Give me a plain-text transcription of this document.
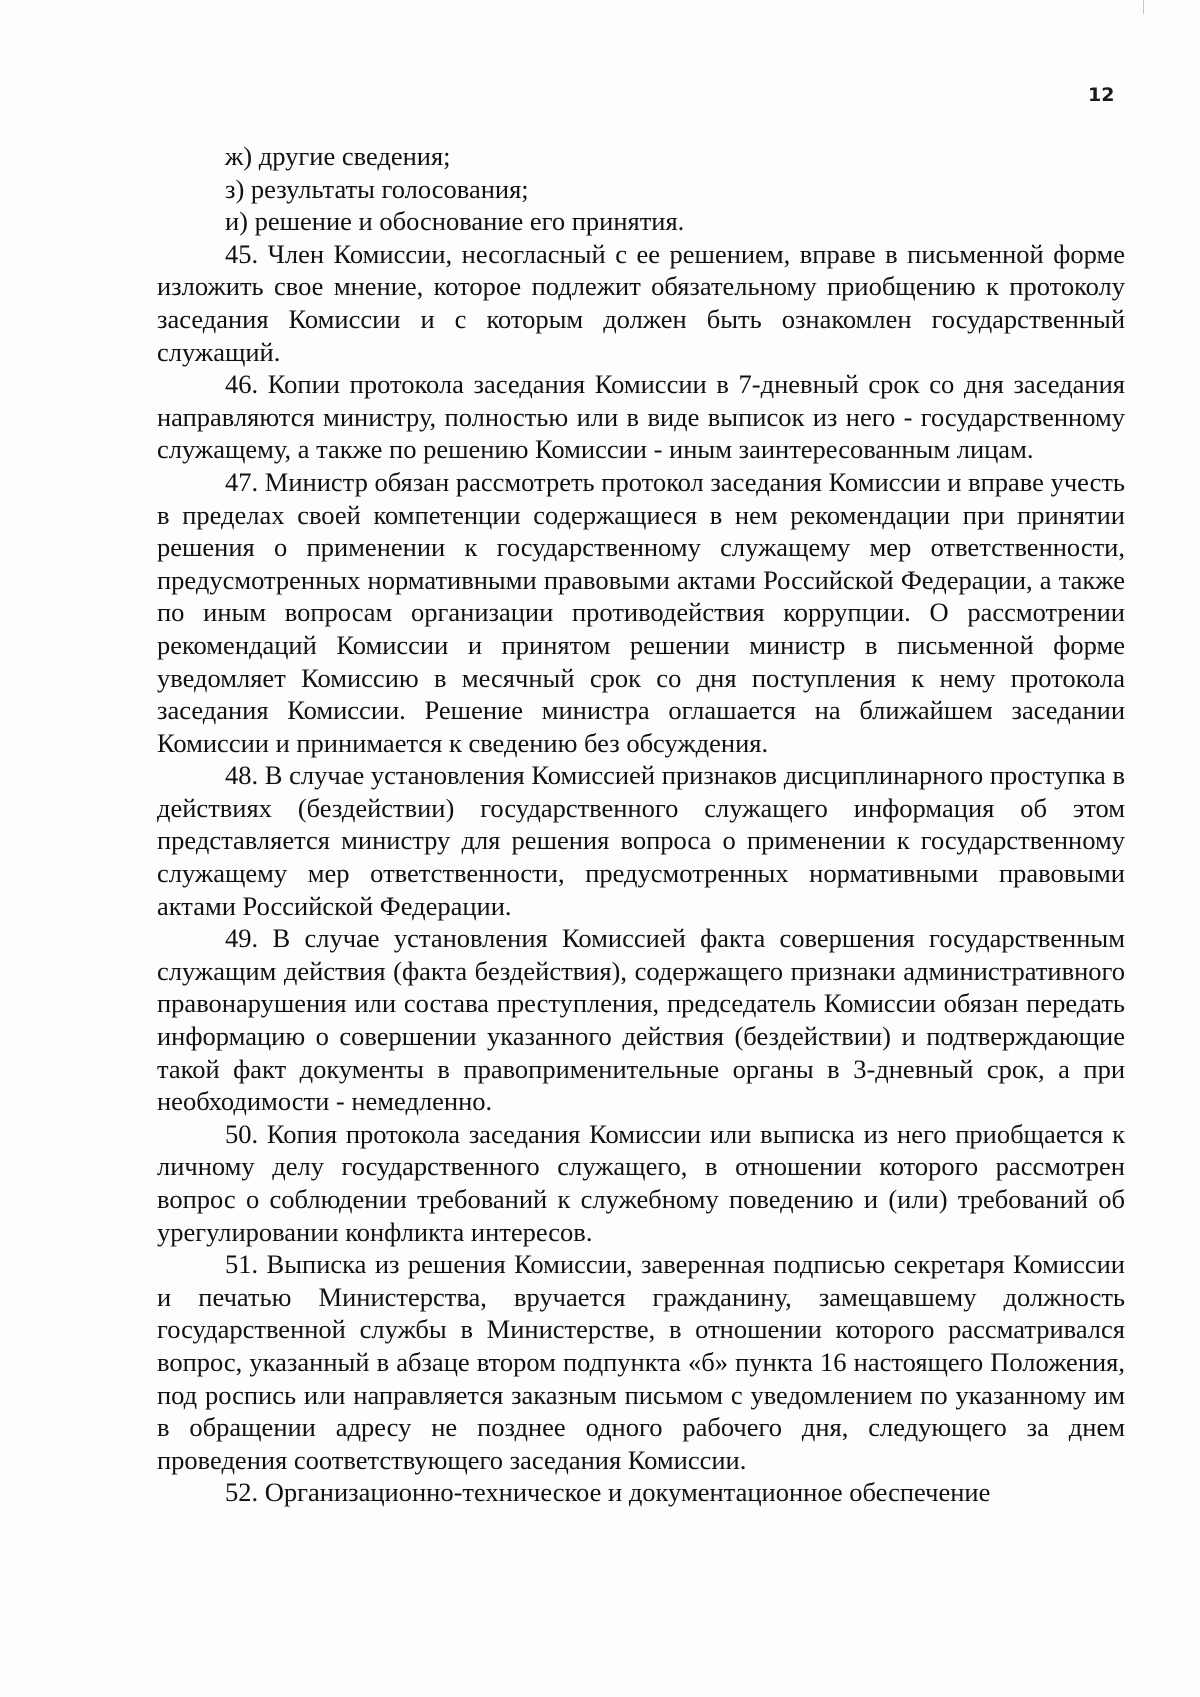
12

ж) другие сведения;

з) результаты голосования;

и) решение и обоснование его принятия.

45. Член Комиссии, несогласный с ее решением, вправе в письменной форме изложить свое мнение, которое подлежит обязательному приобщению к протоколу заседания Комиссии и с которым должен быть ознакомлен государственный служащий.

46. Копии протокола заседания Комиссии в 7-дневный срок со дня заседания направляются министру, полностью или в виде выписок из него - государственному служащему, а также по решению Комиссии - иным заинтересованным лицам.

47. Министр обязан рассмотреть протокол заседания Комиссии и вправе учесть в пределах своей компетенции содержащиеся в нем рекомендации при принятии решения о применении к государственному служащему мер ответственности, предусмотренных нормативными правовыми актами Российской Федерации, а также по иным вопросам организации противодействия коррупции. О рассмотрении рекомендаций Комиссии и принятом решении министр в письменной форме уведомляет Комиссию в месячный срок со дня поступления к нему протокола заседания Комиссии. Решение министра оглашается на ближайшем заседании Комиссии и принимается к сведению без обсуждения.

48. В случае установления Комиссией признаков дисциплинарного проступка в действиях (бездействии) государственного служащего информация об этом представляется министру для решения вопроса о применении к государственному служащему мер ответственности, предусмотренных нормативными правовыми актами Российской Федерации.

49. В случае установления Комиссией факта совершения государственным служащим действия (факта бездействия), содержащего признаки административного правонарушения или состава преступления, председатель Комиссии обязан передать информацию о совершении указанного действия (бездействии) и подтверждающие такой факт документы в правоприменительные органы в 3-дневный срок, а при необходимости - немедленно.

50. Копия протокола заседания Комиссии или выписка из него приобщается к личному делу государственного служащего, в отношении которого рассмотрен вопрос о соблюдении требований к служебному поведению и (или) требований об урегулировании конфликта интересов.

51. Выписка из решения Комиссии, заверенная подписью секретаря Комиссии и печатью Министерства, вручается гражданину, замещавшему должность государственной службы в Министерстве, в отношении которого рассматривался вопрос, указанный в абзаце втором подпункта «б» пункта 16 настоящего Положения, под роспись или направляется заказным письмом с уведомлением по указанному им в обращении адресу не позднее одного рабочего дня, следующего за днем проведения соответствующего заседания Комиссии.

52. Организационно-техническое и документационное обеспечение
